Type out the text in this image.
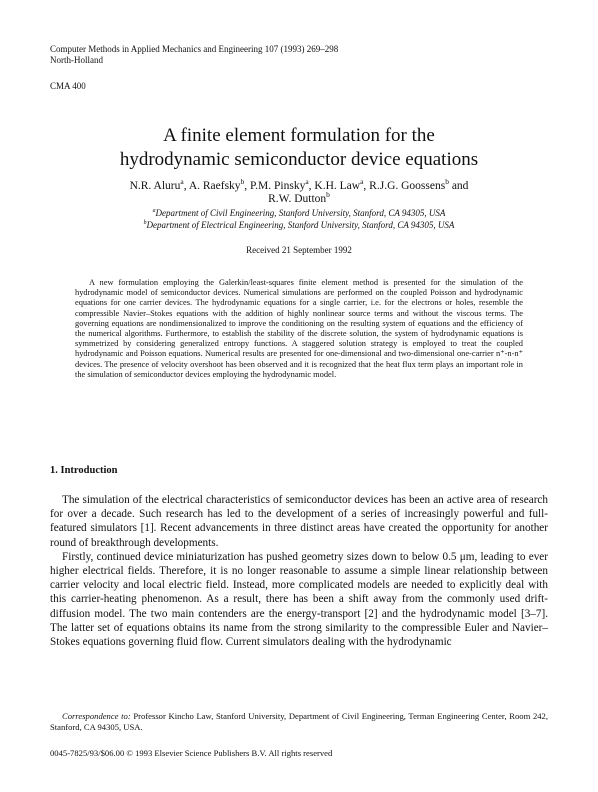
Computer Methods in Applied Mechanics and Engineering 107 (1993) 269–298
North-Holland
CMA 400
A finite element formulation for the
hydrodynamic semiconductor device equations
N.R. Aluru$^a$, A. Raefsky$^b$, P.M. Pinsky$^a$, K.H. Law$^a$, R.J.G. Goossens$^b$ and
R.W. Dutton$^b$
$^a$Department of Civil Engineering, Stanford University, Stanford, CA 94305, USA
$^b$Department of Electrical Engineering, Stanford University, Stanford, CA 94305, USA
Received 21 September 1992

A new formulation employing the Galerkin/least-squares finite element method is presented for the simulation of the hydrodynamic model of semiconductor devices. Numerical simulations are performed on the coupled Poisson and hydrodynamic equations for one carrier devices. The hydrodynamic equations for a single carrier, i.e. for the electrons or holes, resemble the compressible Navier–Stokes equations with the addition of highly nonlinear source terms and without the viscous terms. The governing equations are nondimensionalized to improve the conditioning on the resulting system of equations and the efficiency of the numerical algorithms. Furthermore, to establish the stability of the discrete solution, the system of hydrodynamic equations is symmetrized by considering generalized entropy functions. A staggered solution strategy is employed to treat the coupled hydrodynamic and Poisson equations. Numerical results are presented for one-dimensional and two-dimensional one-carrier n⁺-n-n⁺ devices. The presence of velocity overshoot has been observed and it is recognized that the heat flux term plays an important role in the simulation of semiconductor devices employing the hydrodynamic model.

1. Introduction

The simulation of the electrical characteristics of semiconductor devices has been an active area of research for over a decade. Such research has led to the development of a series of increasingly powerful and full-featured simulators [1]. Recent advancements in three distinct areas have created the opportunity for another round of breakthrough developments.

Firstly, continued device miniaturization has pushed geometry sizes down to below 0.5 μm, leading to ever higher electrical fields. Therefore, it is no longer reasonable to assume a simple linear relationship between carrier velocity and local electric field. Instead, more complicated models are needed to explicitly deal with this carrier-heating phenomenon. As a result, there has been a shift away from the commonly used drift-diffusion model. The two main contenders are the energy-transport [2] and the hydrodynamic model [3–7]. The latter set of equations obtains its name from the strong similarity to the compressible Euler and Navier–Stokes equations governing fluid flow. Current simulators dealing with the hydrodynamic

Correspondence to: Professor Kincho Law, Stanford University, Department of Civil Engineering, Terman Engineering Center, Room 242, Stanford, CA 94305, USA.
0045-7825/93/$06.00 © 1993 Elsevier Science Publishers B.V. All rights reserved
